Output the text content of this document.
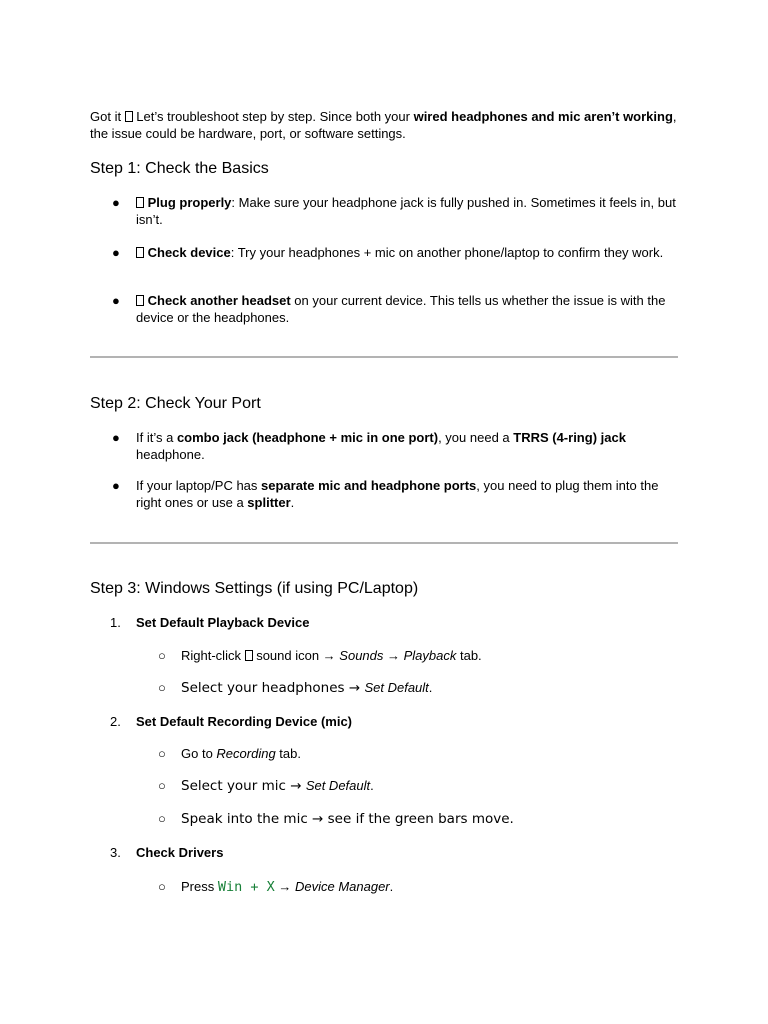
Got it  Let’s troubleshoot step by step. Since both your wired headphones and mic aren’t working, the issue could be hardware, port, or software settings.

Step 1: Check the Basics
●	Plug properly: Make sure your headphone jack is fully pushed in. Sometimes it feels in, but isn’t.
●	Check device: Try your headphones + mic on another phone/laptop to confirm they work.
●	Check another headset on your current device. This tells us whether the issue is with the device or the headphones.
Step 2: Check Your Port
●	If it’s a combo jack (headphone + mic in one port), you need a TRRS (4-ring) jack headphone.
●	If your laptop/PC has separate mic and headphone ports, you need to plug them into the right ones or use a splitter.
Step 3: Windows Settings (if using PC/Laptop)
1. Set Default Playback Device
○ Right-click  sound icon → Sounds → Playback tab.
○ Select your headphones → Set Default.
2. Set Default Recording Device (mic)
○ Go to Recording tab.
○ Select your mic → Set Default.
○ Speak into the mic → see if the green bars move.
3. Check Drivers
○ Press Win + X → Device Manager.
